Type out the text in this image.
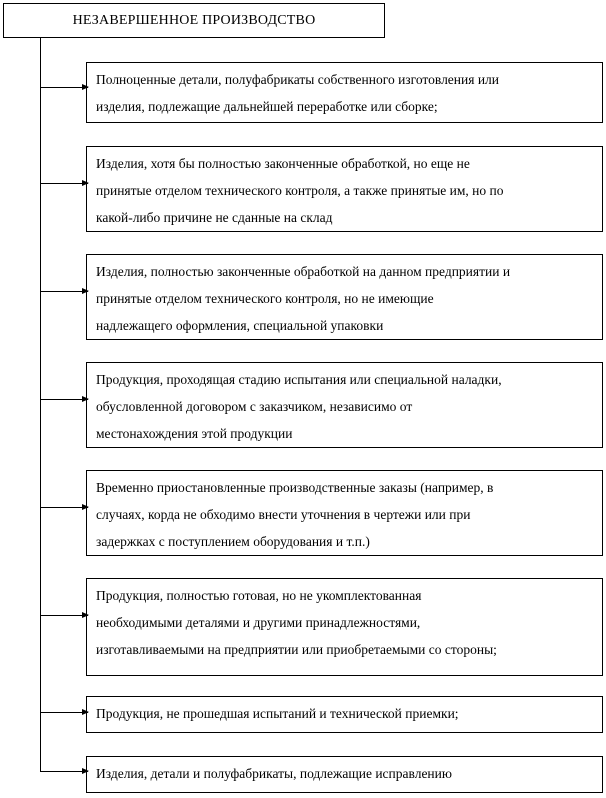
НЕЗАВЕРШЕННОЕ ПРОИЗВОДСТВО
Полноценные детали, полуфабрикаты собственного изготовления или
изделия, подлежащие дальнейшей переработке или сборке;
Изделия, хотя бы полностью законченные обработкой, но еще не
принятые отделом технического контроля, а также принятые им, но по
какой-либо причине не сданные на склад
Изделия, полностью законченные обработкой на данном предприятии и
принятые отделом технического контроля, но не имеющие
надлежащего оформления, специальной упаковки
Продукция, проходящая стадию испытания или специальной наладки,
обусловленной договором с заказчиком, независимо от
местонахождения этой продукции
Временно приостановленные производственные заказы (например, в
случаях, корда не обходимо внести уточнения в чертежи или при
задержках с поступлением оборудования и т.п.)
Продукция, полностью готовая, но не укомплектованная
необходимыми деталями и другими принадлежностями,
изготавливаемыми на предприятии или приобретаемыми со стороны;
Продукция, не прошедшая испытаний и технической приемки;
Изделия, детали и полуфабрикаты, подлежащие исправлению
